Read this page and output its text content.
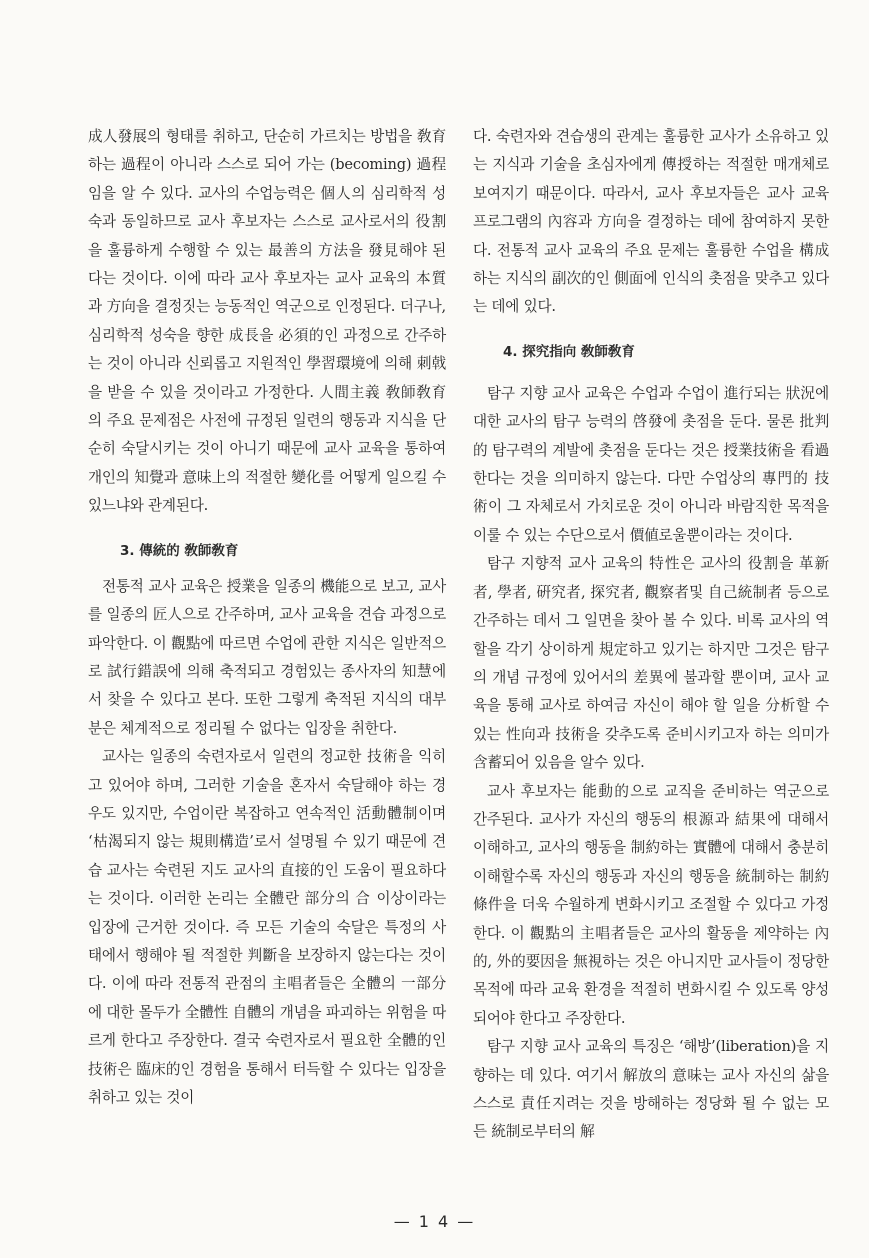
成人發展의 형태를 취하고, 단순히 가르치는 방법을 敎育하는 過程이 아니라 스스로 되어 가는 (becoming) 過程임을 알 수 있다. 교사의 수업능력은 個人의 심리학적 성숙과 동일하므로 교사 후보자는 스스로 교사로서의 役割을 훌륭하게 수행할 수 있는 最善의 方法을 發見해야 된다는 것이다. 이에 따라 교사 후보자는 교사 교육의 本質과 方向을 결정짓는 능동적인 역군으로 인정된다. 더구나, 심리학적 성숙을 향한 成長을 必須的인 과정으로 간주하는 것이 아니라 신뢰롭고 지원적인 學習環境에 의해 刺戟을 받을 수 있을 것이라고 가정한다. 人間主義 敎師敎育의 주요 문제점은 사전에 규정된 일련의 행동과 지식을 단순히 숙달시키는 것이 아니기 때문에 교사 교육을 통하여 개인의 知覺과 意味上의 적절한 變化를 어떻게 일으킬 수 있느냐와 관계된다.

3. 傳統的 敎師敎育

전통적 교사 교육은 授業을 일종의 機能으로 보고, 교사를 일종의 匠人으로 간주하며, 교사 교육을 견습 과정으로 파악한다. 이 觀點에 따르면 수업에 관한 지식은 일반적으로 試行錯誤에 의해 축적되고 경험있는 종사자의 知慧에서 찾을 수 있다고 본다. 또한 그렇게 축적된 지식의 대부분은 체계적으로 정리될 수 없다는 입장을 취한다.

교사는 일종의 숙련자로서 일련의 정교한 技術을 익히고 있어야 하며, 그러한 기술을 혼자서 숙달해야 하는 경우도 있지만, 수업이란 복잡하고 연속적인 活動體制이며 ‘枯渴되지 않는 規則構造’로서 설명될 수 있기 때문에 견습 교사는 숙련된 지도 교사의 直接的인 도움이 필요하다는 것이다. 이러한 논리는 全體란 部分의 合 이상이라는 입장에 근거한 것이다. 즉 모든 기술의 숙달은 특정의 사태에서 행해야 될 적절한 判斷을 보장하지 않는다는 것이다. 이에 따라 전통적 관점의 主唱者들은 全體의 一部分에 대한 몰두가 全體性 自體의 개념을 파괴하는 위험을 따르게 한다고 주장한다. 결국 숙련자로서 필요한 全體的인 技術은 臨床的인 경험을 통해서 터득할 수 있다는 입장을 취하고 있는 것이

다. 숙련자와 견습생의 관계는 훌륭한 교사가 소유하고 있는 지식과 기술을 초심자에게 傳授하는 적절한 매개체로 보여지기 때문이다. 따라서, 교사 후보자들은 교사 교육 프로그램의 內容과 方向을 결정하는 데에 참여하지 못한다. 전통적 교사 교육의 주요 문제는 훌륭한 수업을 構成하는 지식의 副次的인 側面에 인식의 촛점을 맞추고 있다는 데에 있다.

4. 探究指向 敎師敎育

탐구 지향 교사 교육은 수업과 수업이 進行되는 狀況에 대한 교사의 탐구 능력의 啓發에 촛점을 둔다. 물론 批判的 탐구력의 계발에 촛점을 둔다는 것은 授業技術을 看過한다는 것을 의미하지 않는다. 다만 수업상의 專門的 技術이 그 자체로서 가치로운 것이 아니라 바람직한 목적을 이룰 수 있는 수단으로서 價値로울뿐이라는 것이다.

탐구 지향적 교사 교육의 特性은 교사의 役割을 革新者, 學者, 硏究者, 探究者, 觀察者및 自己統制者 등으로 간주하는 데서 그 일면을 찾아 볼 수 있다. 비록 교사의 역할을 각기 상이하게 規定하고 있기는 하지만 그것은 탐구의 개념 규정에 있어서의 差異에 불과할 뿐이며, 교사 교육을 통해 교사로 하여금 자신이 해야 할 일을 分析할 수 있는 性向과 技術을 갖추도록 준비시키고자 하는 의미가 含蓄되어 있음을 알수 있다.

교사 후보자는 能動的으로 교직을 준비하는 역군으로 간주된다. 교사가 자신의 행동의 根源과 結果에 대해서 이해하고, 교사의 행동을 制約하는 實體에 대해서 충분히 이해할수록 자신의 행동과 자신의 행동을 統制하는 制約條件을 더욱 수월하게 변화시키고 조절할 수 있다고 가정한다. 이 觀點의 主唱者들은 교사의 활동을 제약하는 內的, 外的要因을 無視하는 것은 아니지만 교사들이 정당한 목적에 따라 교육 환경을 적절히 변화시킬 수 있도록 양성되어야 한다고 주장한다.

탐구 지향 교사 교육의 특징은 ‘해방’(liberation)을 지향하는 데 있다. 여기서 解放의 意味는 교사 자신의 삶을 스스로 責任지려는 것을 방해하는 정당화 될 수 없는 모든 統制로부터의 解

— 1 4 —
